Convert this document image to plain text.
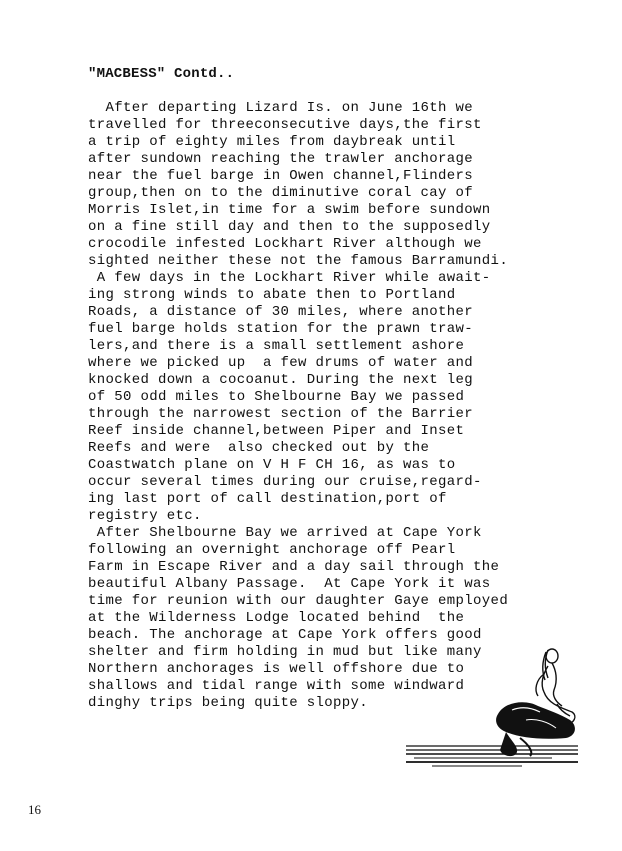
"MACBESS" Contd..
After departing Lizard Is. on June 16th we
travelled for threeconsecutive days,the first
a trip of eighty miles from daybreak until
after sundown reaching the trawler anchorage
near the fuel barge in Owen channel,Flinders
group,then on to the diminutive coral cay of
Morris Islet,in time for a swim before sundown
on a fine still day and then to the supposedly
crocodile infested Lockhart River although we
sighted neither these not the famous Barramundi.
A few days in the Lockhart River while await-
ing strong winds to abate then to Portland
Roads, a distance of 30 miles, where another
fuel barge holds station for the prawn traw-
lers,and there is a small settlement ashore
where we picked up  a few drums of water and
knocked down a cocoanut. During the next leg
of 50 odd miles to Shelbourne Bay we passed
through the narrowest section of the Barrier
Reef inside channel,between Piper and Inset
Reefs and were  also checked out by the
Coastwatch plane on V H F CH 16, as was to
occur several times during our cruise,regard-
ing last port of call destination,port of
registry etc.
After Shelbourne Bay we arrived at Cape York
following an overnight anchorage off Pearl
Farm in Escape River and a day sail through the
beautiful Albany Passage.  At Cape York it was
time for reunion with our daughter Gaye employed
at the Wilderness Lodge located behind  the
beach. The anchorage at Cape York offers good
shelter and firm holding in mud but like many
Northern anchorages is well offshore due to
shallows and tidal range with some windward
dinghy trips being quite sloppy.
16
